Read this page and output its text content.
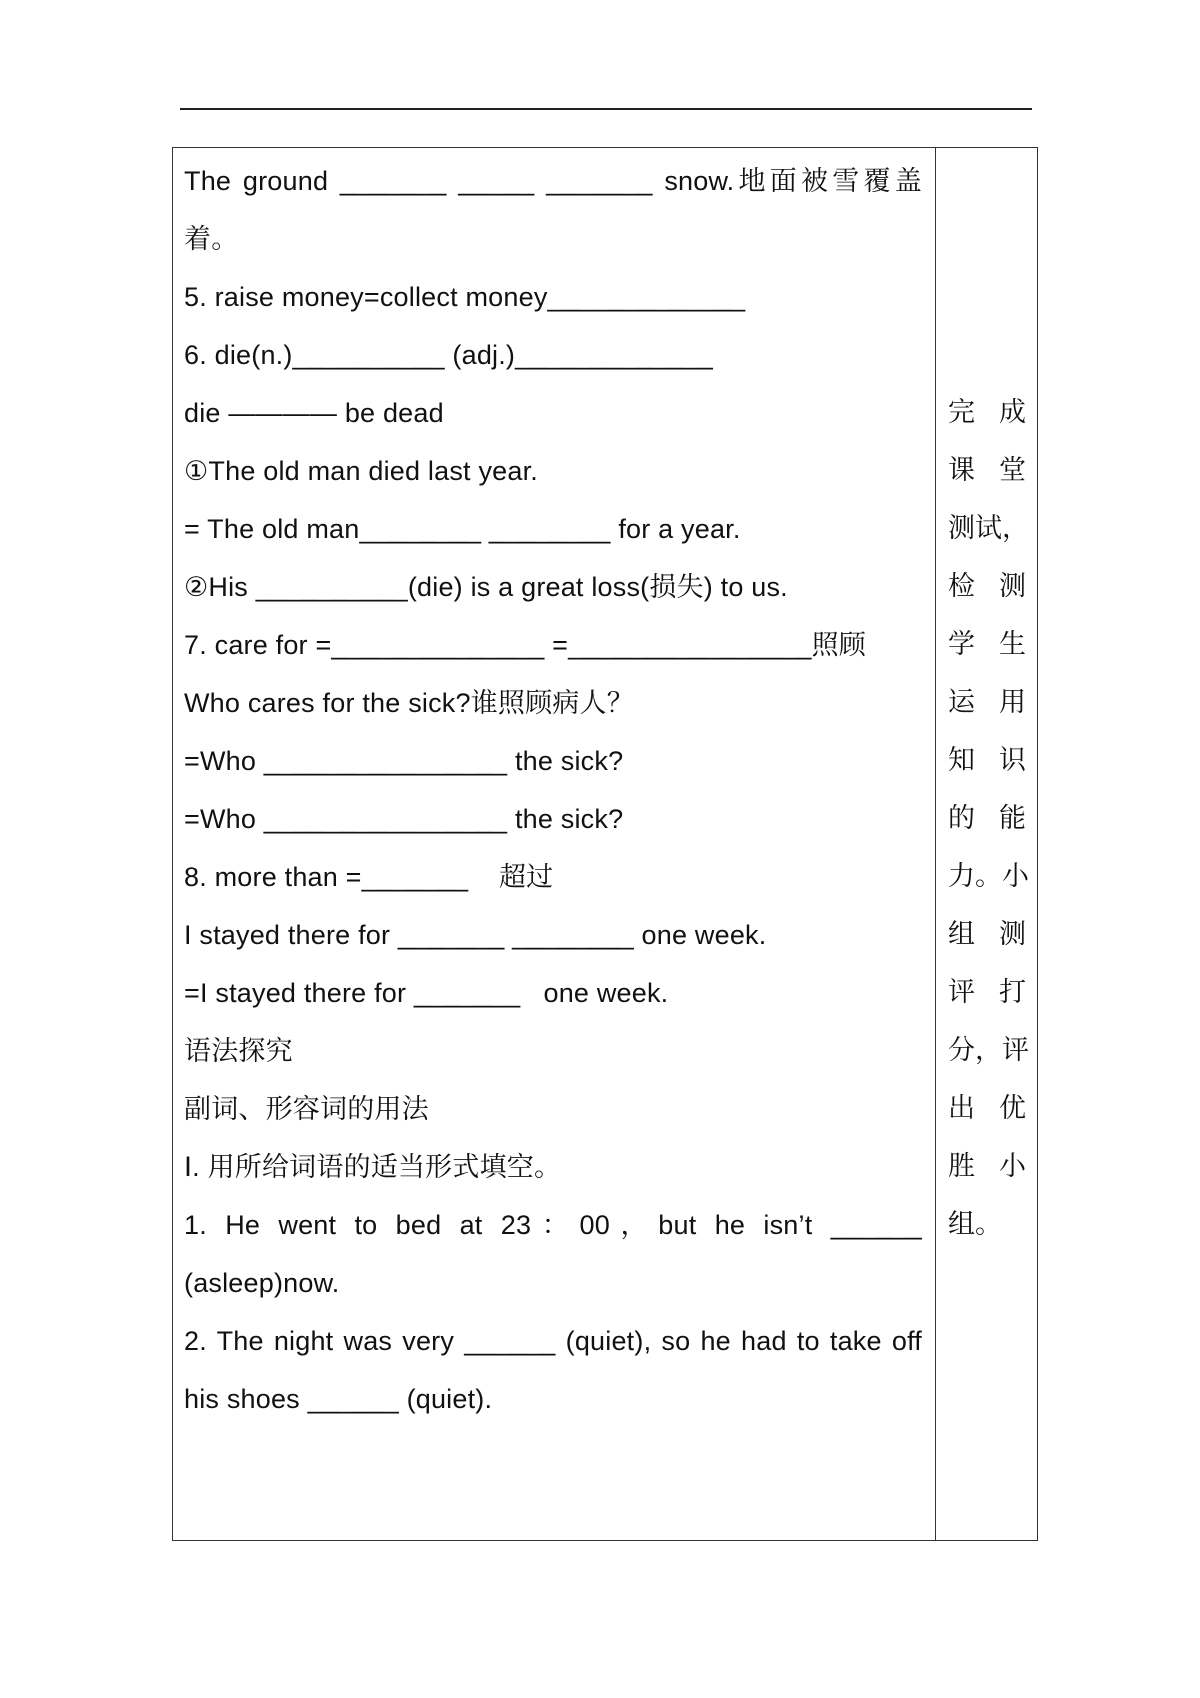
The ground _______ _____ _______ snow.地面被雪覆盖
着。
5. raise money=collect money_____________
6. die(n.)__________ (adj.)_____________
die ———— be dead
①The old man died last year.
= The old man________ ________ for a year.
②His __________(die) is a great loss(损失) to us.
7. care for =______________ =________________照顾
Who cares for the sick?谁照顾病人？
=Who ________________ the sick?
=Who ________________ the sick?
8. more than =_______    超过
I stayed there for _______ ________ one week.
=I stayed there for _______   one week.
语法探究
副词、形容词的用法
Ⅰ. 用所给词语的适当形式填空。
1. He went to bed at 23：00，but he isn’t ______
(asleep)now.
2. The night was very ______ (quiet), so he had to take off
his shoes ______ (quiet).
完成
课堂
测试，
检测
学生
运用
知识
的能
力。小
组测
评打
分，评
出优
胜小
组。
